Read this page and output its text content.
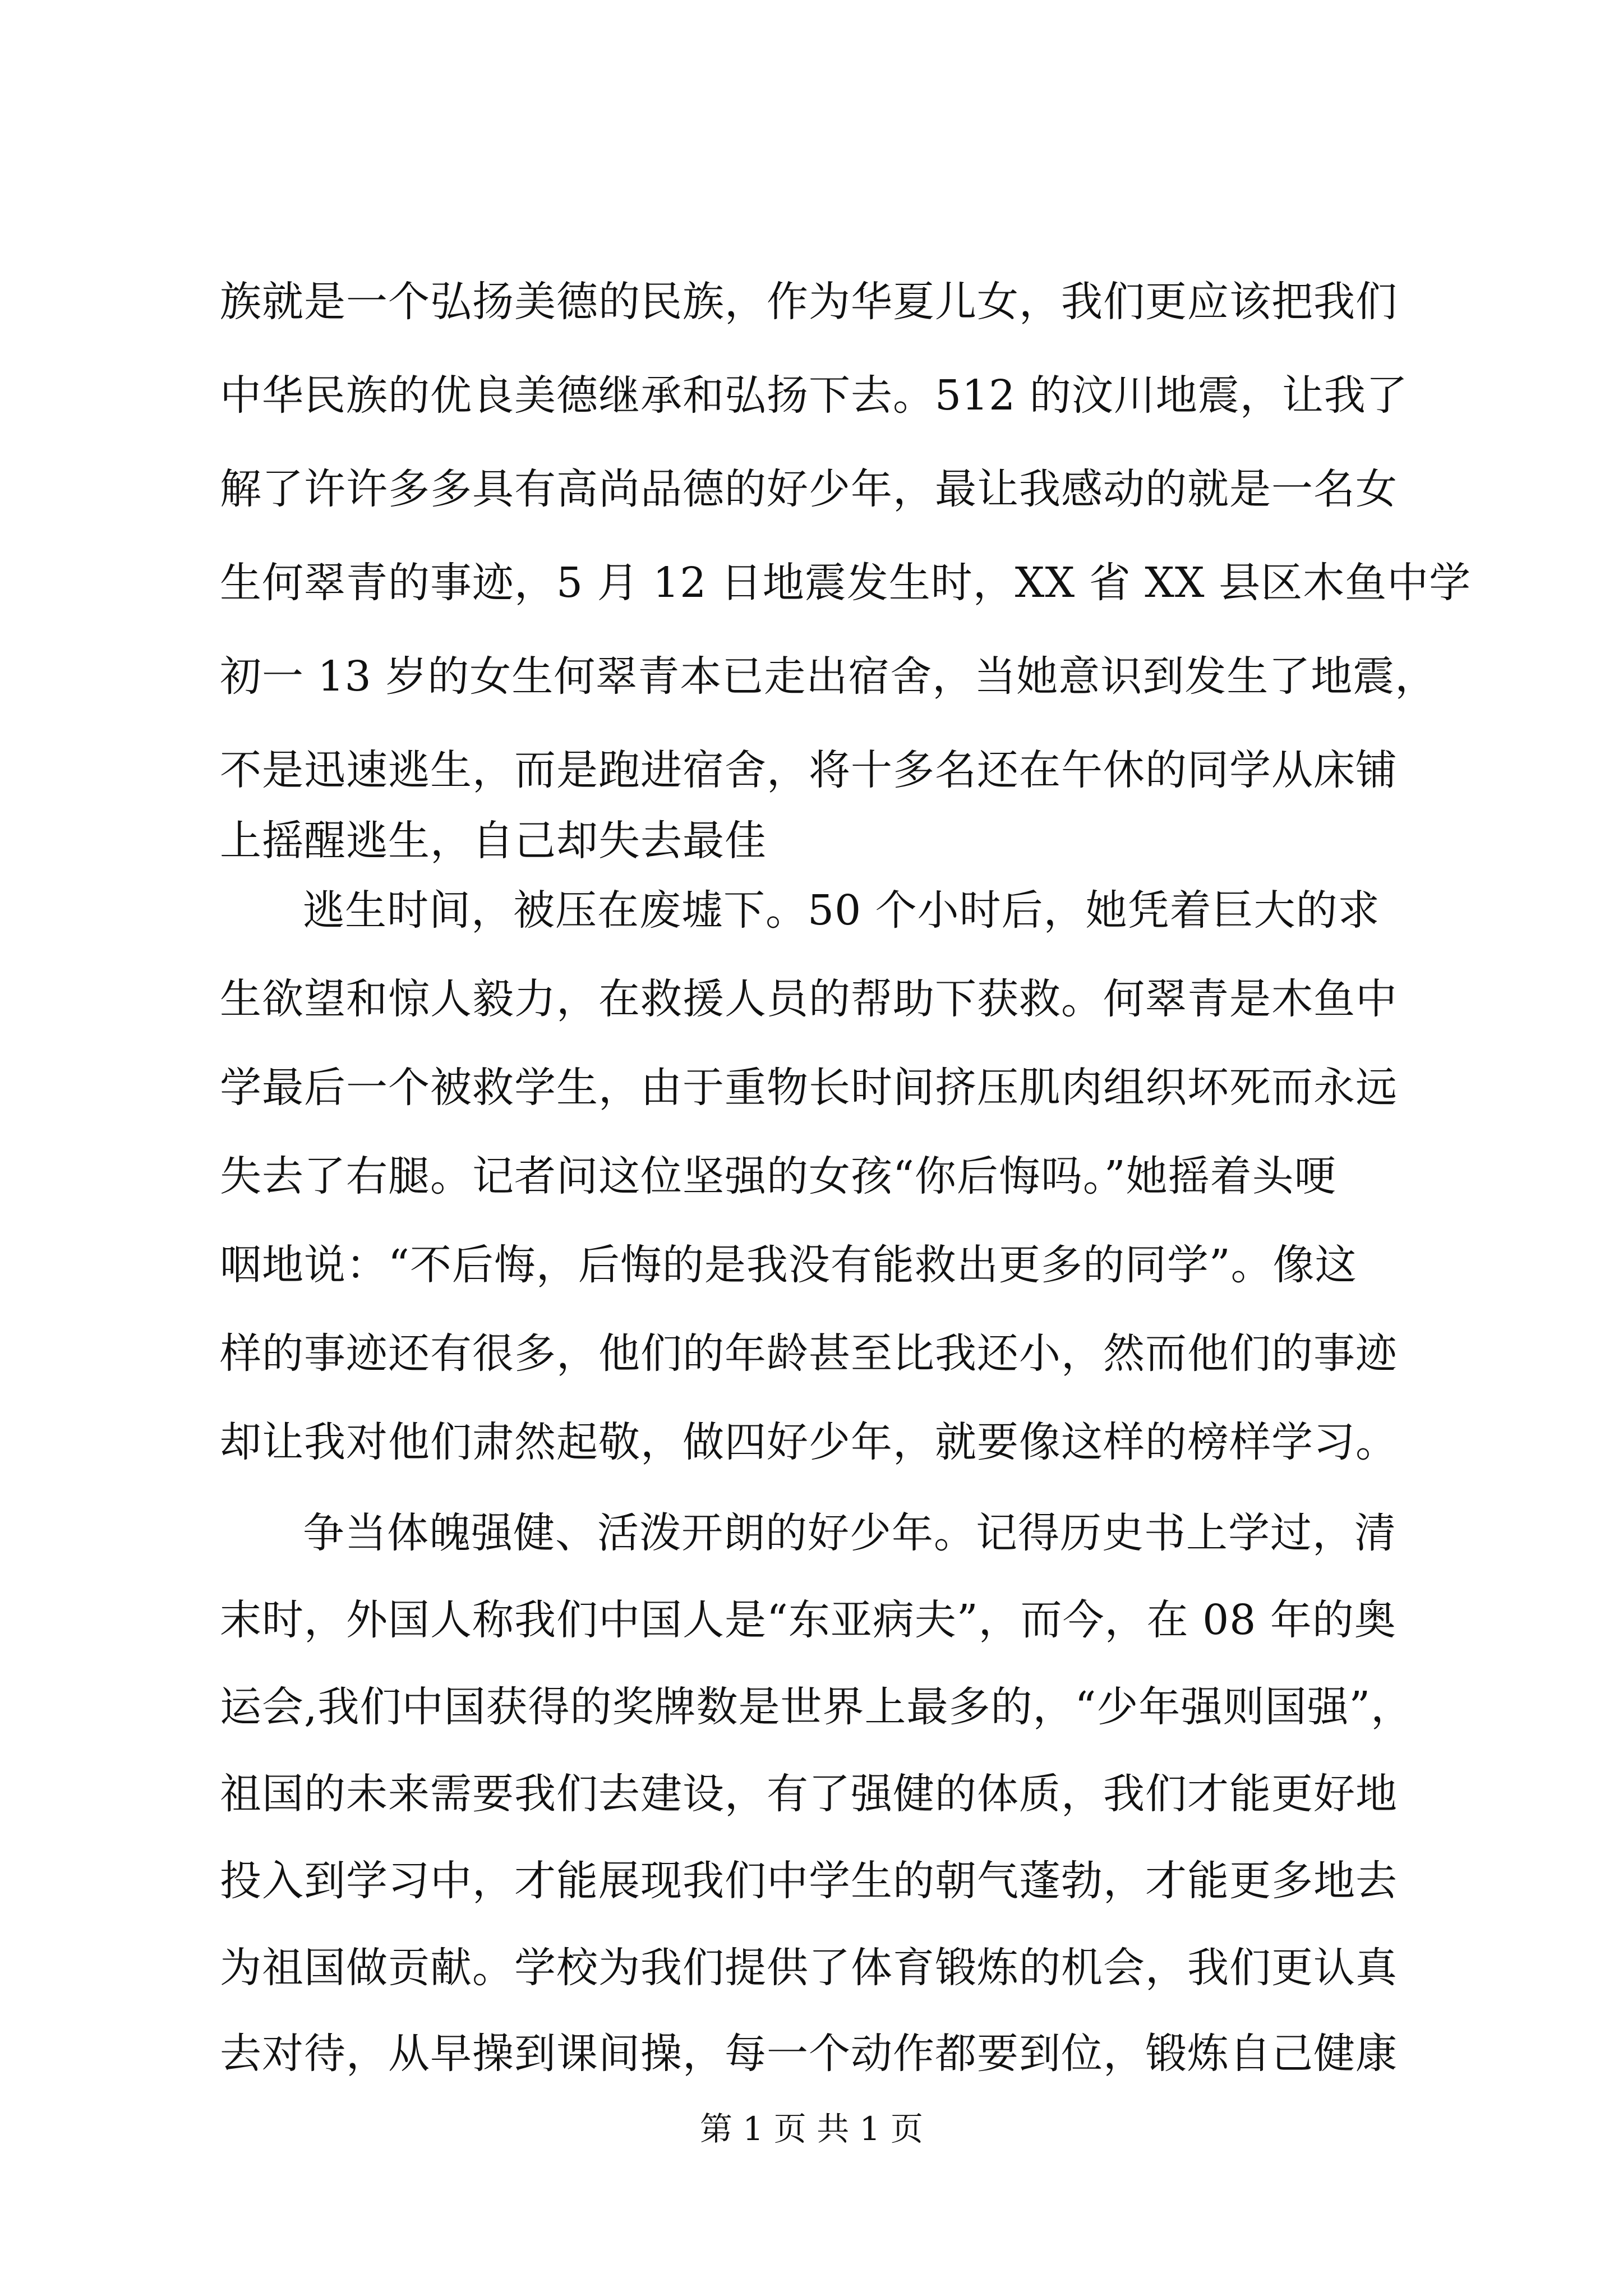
族就是一个弘扬美德的民族，作为华夏儿女，我们更应该把我们
中华民族的优良美德继承和弘扬下去。512 的汶川地震，让我了
解了许许多多具有高尚品德的好少年，最让我感动的就是一名女
生何翠青的事迹，5 月 12 日地震发生时，XX 省 XX 县区木鱼中学
初一 13 岁的女生何翠青本已走出宿舍，当她意识到发生了地震，
不是迅速逃生，而是跑进宿舍，将十多名还在午休的同学从床铺
上摇醒逃生，自己却失去最佳
逃生时间，被压在废墟下。50 个小时后，她凭着巨大的求
生欲望和惊人毅力，在救援人员的帮助下获救。何翠青是木鱼中
学最后一个被救学生，由于重物长时间挤压肌肉组织坏死而永远
失去了右腿。记者问这位坚强的女孩“你后悔吗。”她摇着头哽
咽地说：“不后悔，后悔的是我没有能救出更多的同学”。像这
样的事迹还有很多，他们的年龄甚至比我还小，然而他们的事迹
却让我对他们肃然起敬，做四好少年，就要像这样的榜样学习。
争当体魄强健、活泼开朗的好少年。记得历史书上学过，清
末时，外国人称我们中国人是“东亚病夫”，而今，在 08 年的奥
运会,我们中国获得的奖牌数是世界上最多的，“少年强则国强”，
祖国的未来需要我们去建设，有了强健的体质，我们才能更好地
投入到学习中，才能展现我们中学生的朝气蓬勃，才能更多地去
为祖国做贡献。学校为我们提供了体育锻炼的机会，我们更认真
去对待，从早操到课间操，每一个动作都要到位，锻炼自己健康
第 1 页 共 1 页
